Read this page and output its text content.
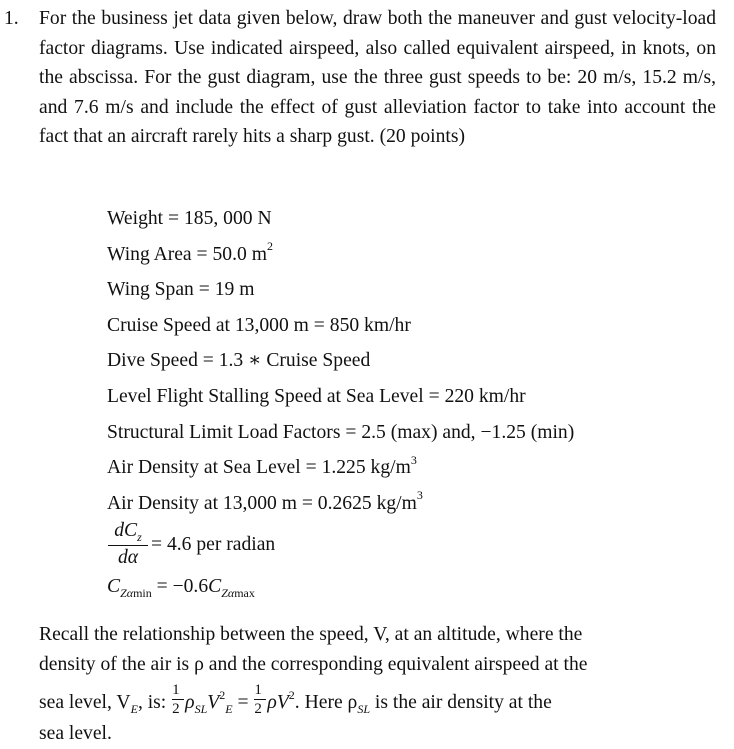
1. For the business jet data given below, draw both the maneuver and gust velocity-load factor diagrams. Use indicated airspeed, also called equivalent airspeed, in knots, on the abscissa. For the gust diagram, use the three gust speeds to be: 20 m/s, 15.2 m/s, and 7.6 m/s and include the effect of gust alleviation factor to take into account the fact that an aircraft rarely hits a sharp gust. (20 points)
Weight = 185, 000 N
Wing Area = 50.0 $m^2$
Wing Span = 19 m
Cruise Speed at 13,000 m = 850 km/hr
Dive Speed = 1.3 ∗ Cruise Speed
Level Flight Stalling Speed at Sea Level = 220 km/hr
Structural Limit Load Factors = 2.5 (max) and, −1.25 (min)
Air Density at Sea Level = 1.225 $kg/m^3$
Air Density at 13,000 m = 0.2625 $kg/m^3$
$dC_z$
dα
= 4.6 per radian
$C_{Z\alpha min} = -0.6C_{Z\alpha max}$
Recall the relationship between the speed, V, at an altitude, where the
density of the air is ρ and the corresponding equivalent airspeed at the
sea level, $V_E$, is: $\frac{1}{2} \rho_{SL}V^2_E = \frac{1}{2} \rho V^2$. Here $\rho_{SL}$ is the air density at the
sea level.
